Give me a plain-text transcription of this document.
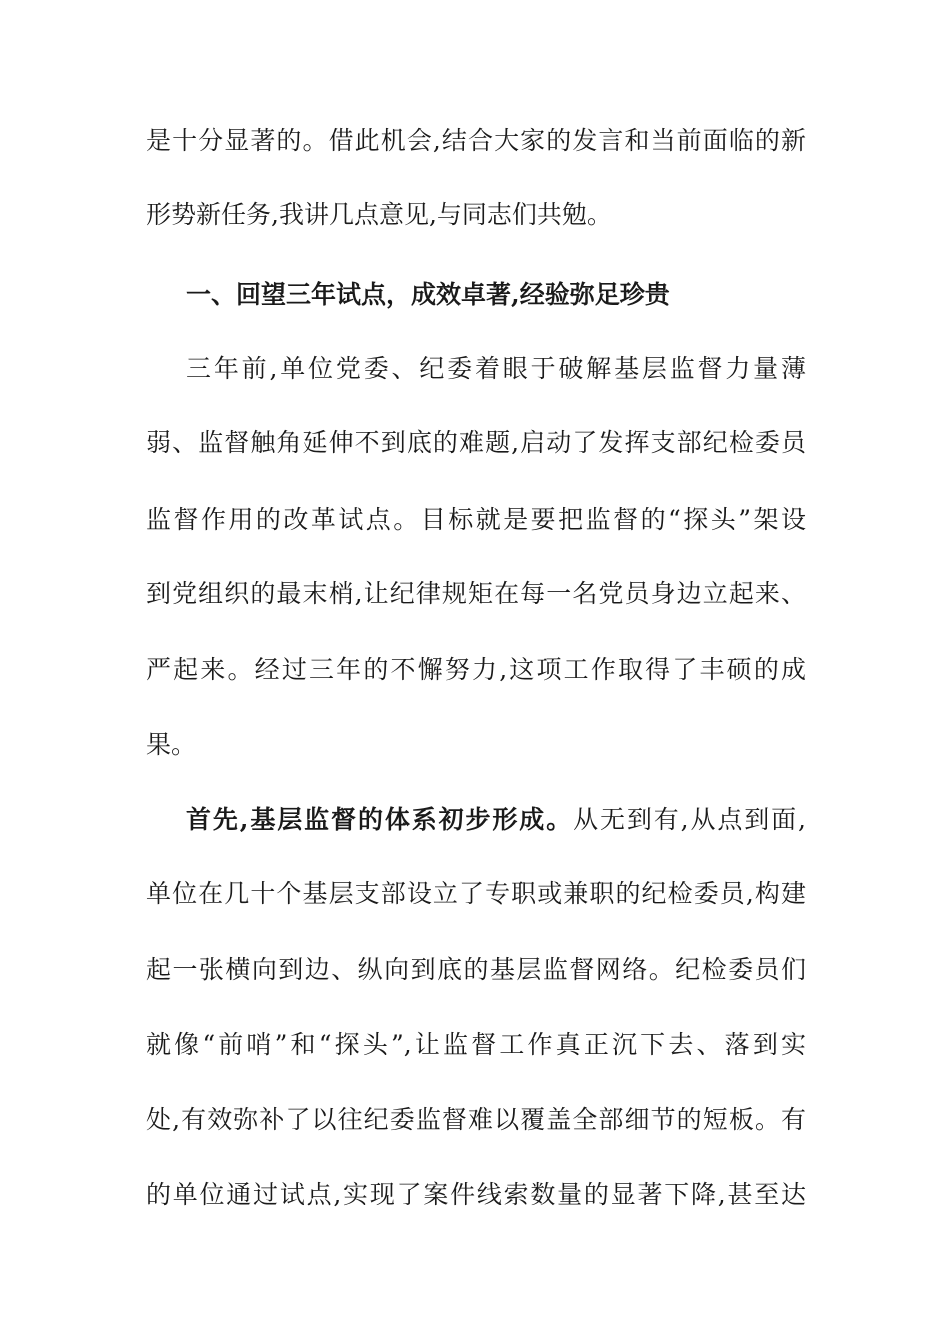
是十分显著的。借此机会,结合大家的发言和当前面临的新
形势新任务,我讲几点意见,与同志们共勉。
一、回望三年试点，成效卓著,经验弥足珍贵
三年前,单位党委、纪委着眼于破解基层监督力量薄
弱、监督触角延伸不到底的难题,启动了发挥支部纪检委员
监督作用的改革试点。目标就是要把监督的“探头”架设
到党组织的最末梢,让纪律规矩在每一名党员身边立起来、
严起来。经过三年的不懈努力,这项工作取得了丰硕的成
果。
首先,基层监督的体系初步形成。从无到有,从点到面,
单位在几十个基层支部设立了专职或兼职的纪检委员,构建
起一张横向到边、纵向到底的基层监督网络。纪检委员们
就像“前哨”和“探头”,让监督工作真正沉下去、落到实
处,有效弥补了以往纪委监督难以覆盖全部细节的短板。有
的单位通过试点,实现了案件线索数量的显著下降,甚至达
